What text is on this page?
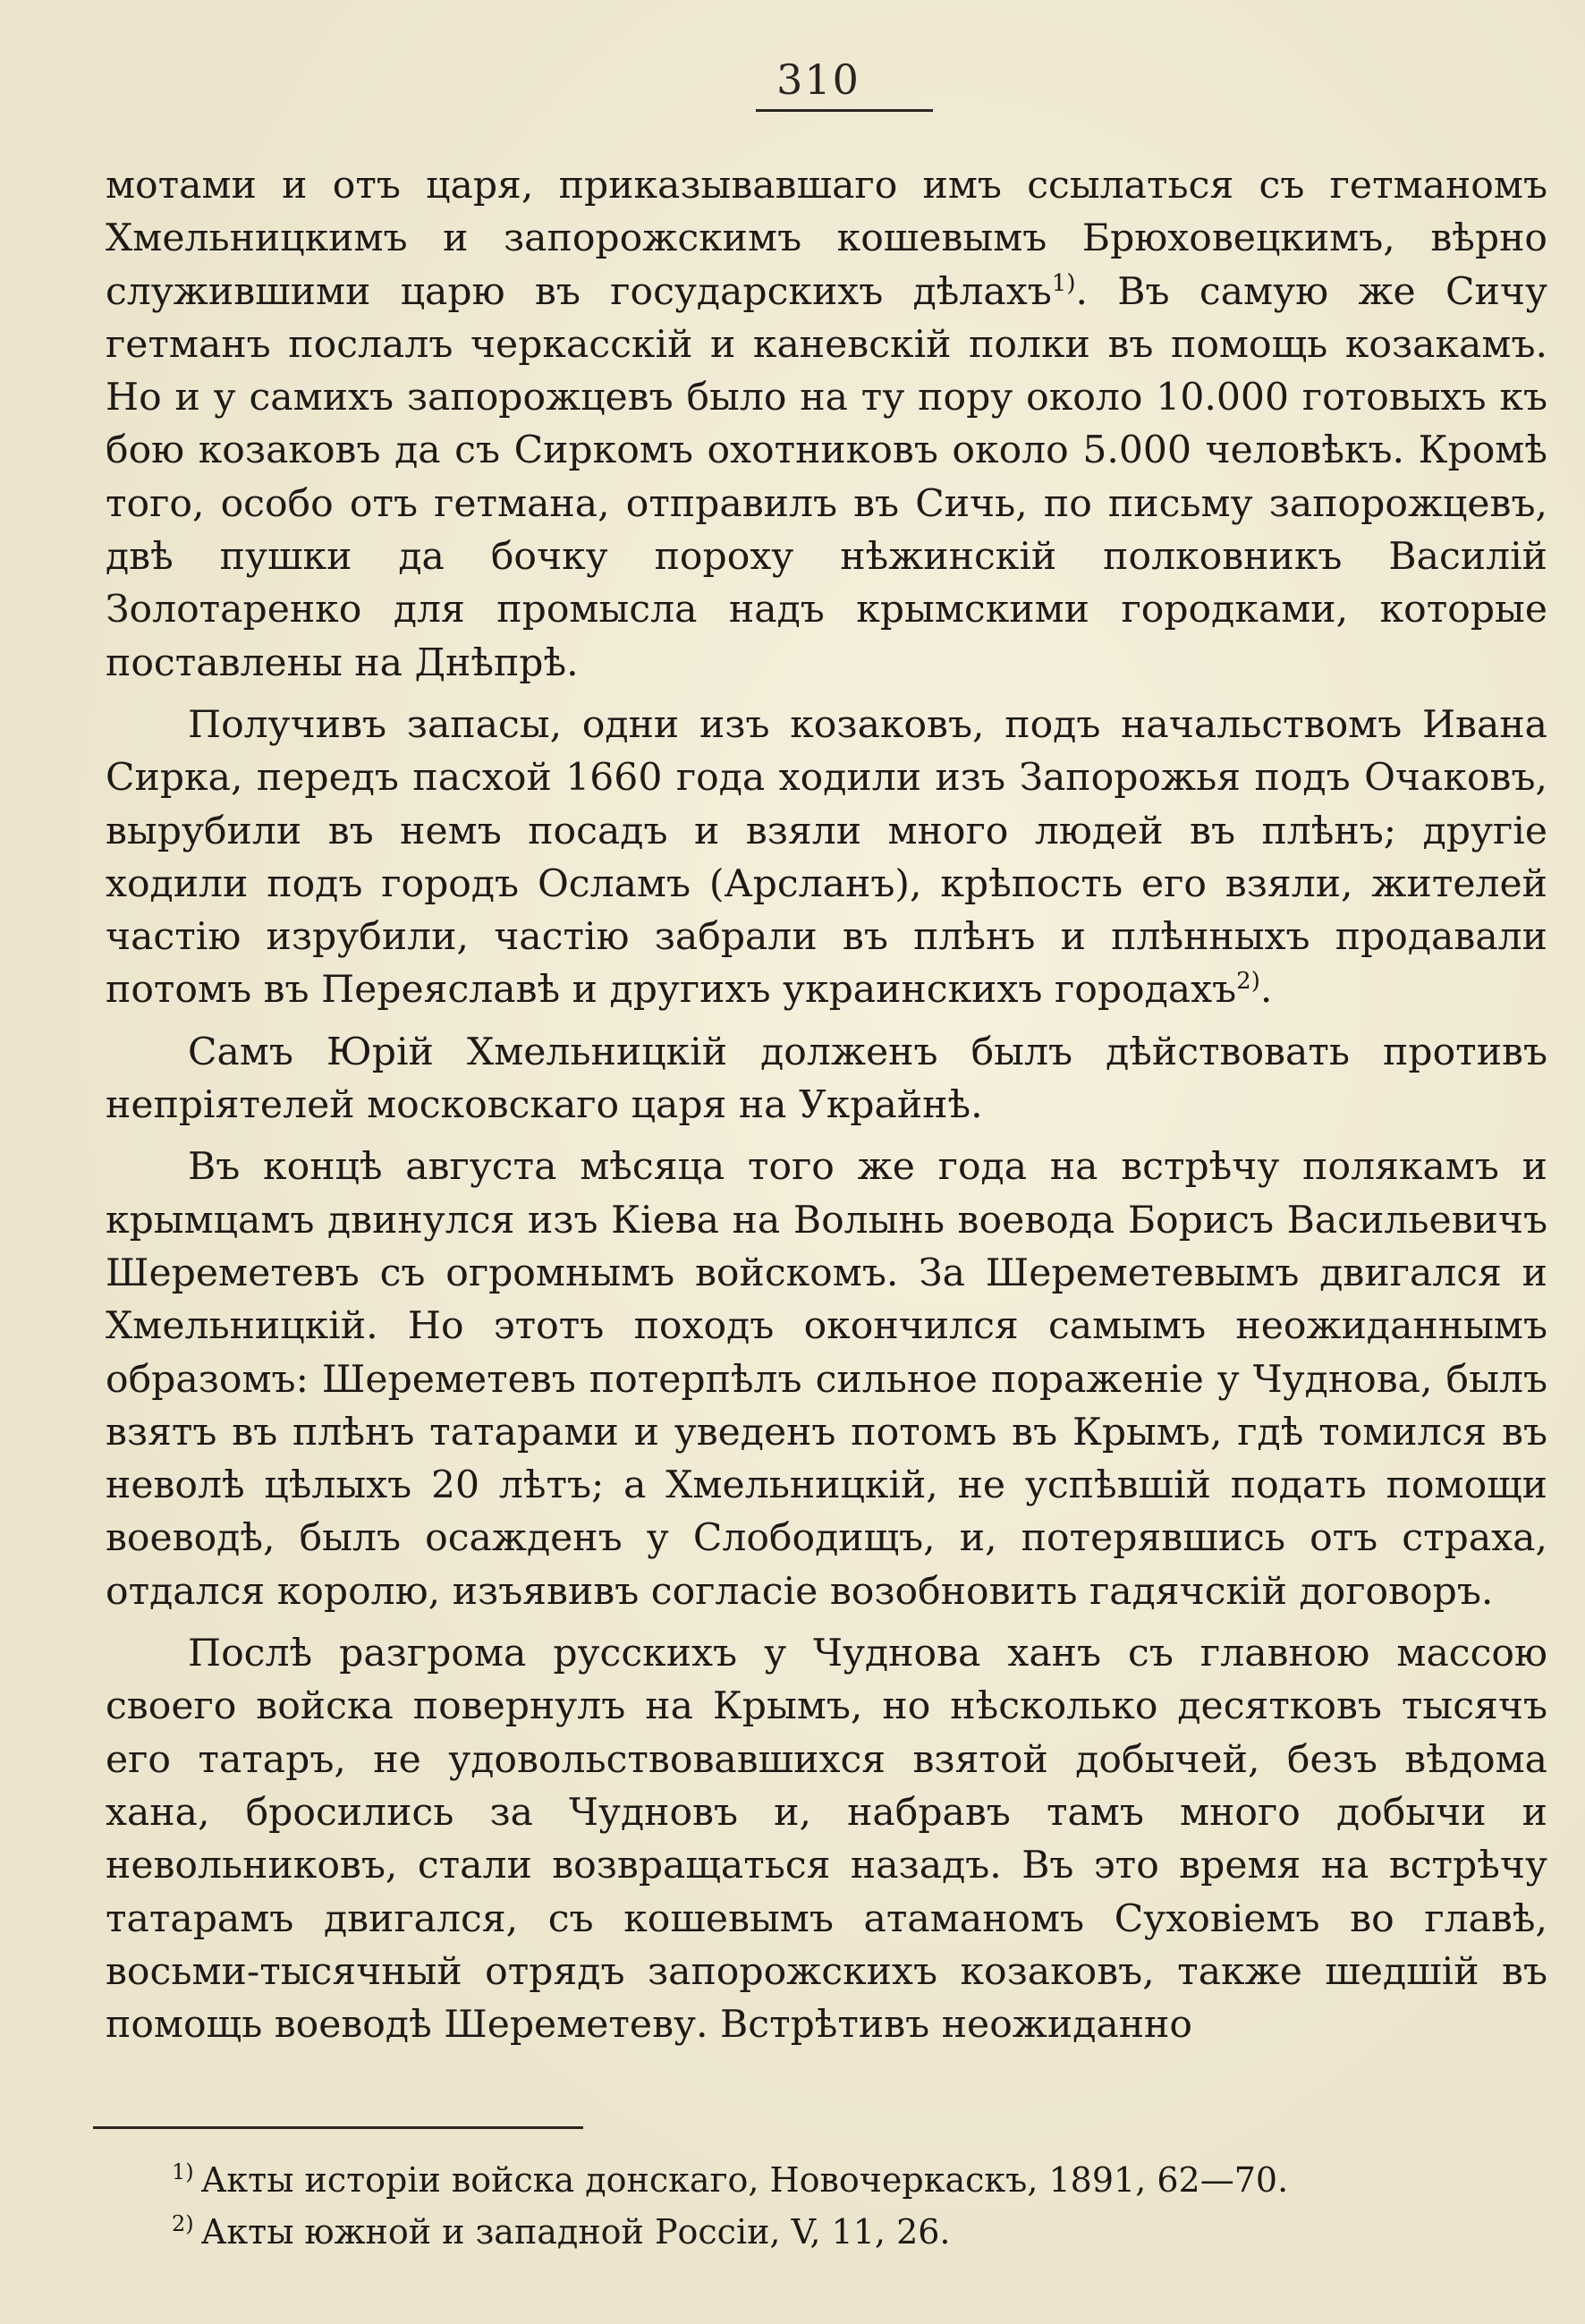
310

мотами и отъ царя, приказывавшаго имъ ссылаться съ гетманомъ Хмельницкимъ и запорожскимъ кошевымъ Брюховецкимъ, вѣрно служившими царю въ государскихъ дѣлахъ$^{1)}$. Въ самую же Сичу гетманъ послалъ черкасскій и каневскій полки въ помощь козакамъ. Но и у самихъ запорожцевъ было на ту пору около 10.000 готовыхъ къ бою козаковъ да съ Сиркомъ охотниковъ около 5.000 человѣкъ. Кромѣ того, особо отъ гетмана, отправилъ въ Сичь, по письму запорожцевъ, двѣ пушки да бочку пороху нѣжинскій полковникъ Василій Золотаренко для промысла надъ крымскими городками, которые поставлены на Днѣпрѣ.

Получивъ запасы, одни изъ козаковъ, подъ начальствомъ Ивана Сирка, передъ пасхой 1660 года ходили изъ Запорожья подъ Очаковъ, вырубили въ немъ посадъ и взяли много людей въ плѣнъ; другіе ходили подъ городъ Осламъ (Арсланъ), крѣпость его взяли, жителей частію изрубили, частію забрали въ плѣнъ и плѣнныхъ продавали потомъ въ Переяславѣ и другихъ украинскихъ городахъ$^{2)}$.

Самъ Юрій Хмельницкій долженъ былъ дѣйствовать противъ непріятелей московскаго царя на Украйнѣ.

Въ концѣ августа мѣсяца того же года на встрѣчу полякамъ и крымцамъ двинулся изъ Кіева на Волынь воевода Борисъ Васильевичъ Шереметевъ съ огромнымъ войскомъ. За Шереметевымъ двигался и Хмельницкій. Но этотъ походъ окончился самымъ неожиданнымъ образомъ: Шереметевъ потерпѣлъ сильное пораженіе у Чуднова, былъ взятъ въ плѣнъ татарами и уведенъ потомъ въ Крымъ, гдѣ томился въ неволѣ цѣлыхъ 20 лѣтъ; а Хмельницкій, не успѣвшій подать помощи воеводѣ, былъ осажденъ у Слободищъ, и, потерявшись отъ страха, отдался королю, изъявивъ согласіе возобновить гадячскій договоръ.

Послѣ разгрома русскихъ у Чуднова ханъ съ главною массою своего войска повернулъ на Крымъ, но нѣсколько десятковъ тысячъ его татаръ, не удовольствовавшихся взятой добычей, безъ вѣдома хана, бросились за Чудновъ и, набравъ тамъ много добычи и невольниковъ, стали возвращаться назадъ. Въ это время на встрѣчу татарамъ двигался, съ кошевымъ атаманомъ Суховіемъ во главѣ, восьми-тысячный отрядъ запорожскихъ козаковъ, также шедшій въ помощь воеводѣ Шереметеву. Встрѣтивъ неожиданно

$^{1)}$ Акты исторіи войска донскаго, Новочеркаскъ, 1891, 62—70.

$^{2)}$ Акты южной и западной Россіи, V, 11, 26.
